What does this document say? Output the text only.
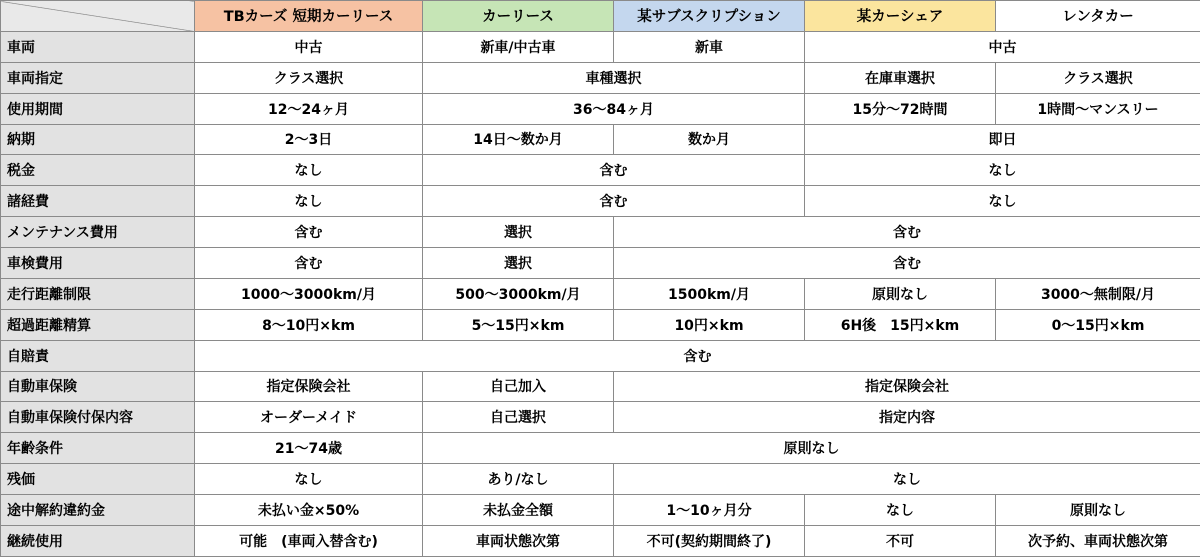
	TBカーズ 短期カーリース	カーリース	某サブスクリプション	某カーシェア	レンタカー
車両	中古	新車/中古車	新車	中古	
車両指定	クラス選択	車種選択		在庫車選択	クラス選択
使用期間	12〜24ヶ月	36〜84ヶ月		15分〜72時間	1時間〜マンスリー
納期	2〜3日	14日〜数か月	数か月	即日	
税金	なし	含む		なし	
諸経費	なし	含む		なし	
メンテナンス費用	含む	選択	含む		
車検費用	含む	選択	含む		
走行距離制限	1000〜3000km/月	500〜3000km/月	1500km/月	原則なし	3000〜無制限/月
超過距離精算	8〜10円×km	5〜15円×km	10円×km	6H後　15円×km	0〜15円×km
自賠責	含む				
自動車保険	指定保険会社	自己加入	指定保険会社		
自動車保険付保内容	オーダーメイド	自己選択	指定内容		
年齢条件	21〜74歳	原則なし			
残価	なし	あり/なし	なし		
途中解約違約金	未払い金×50%	未払金全額	1〜10ヶ月分	なし	原則なし
継続使用	可能　(車両入替含む)	車両状態次第	不可(契約期間終了)	不可	次予約、車両状態次第
